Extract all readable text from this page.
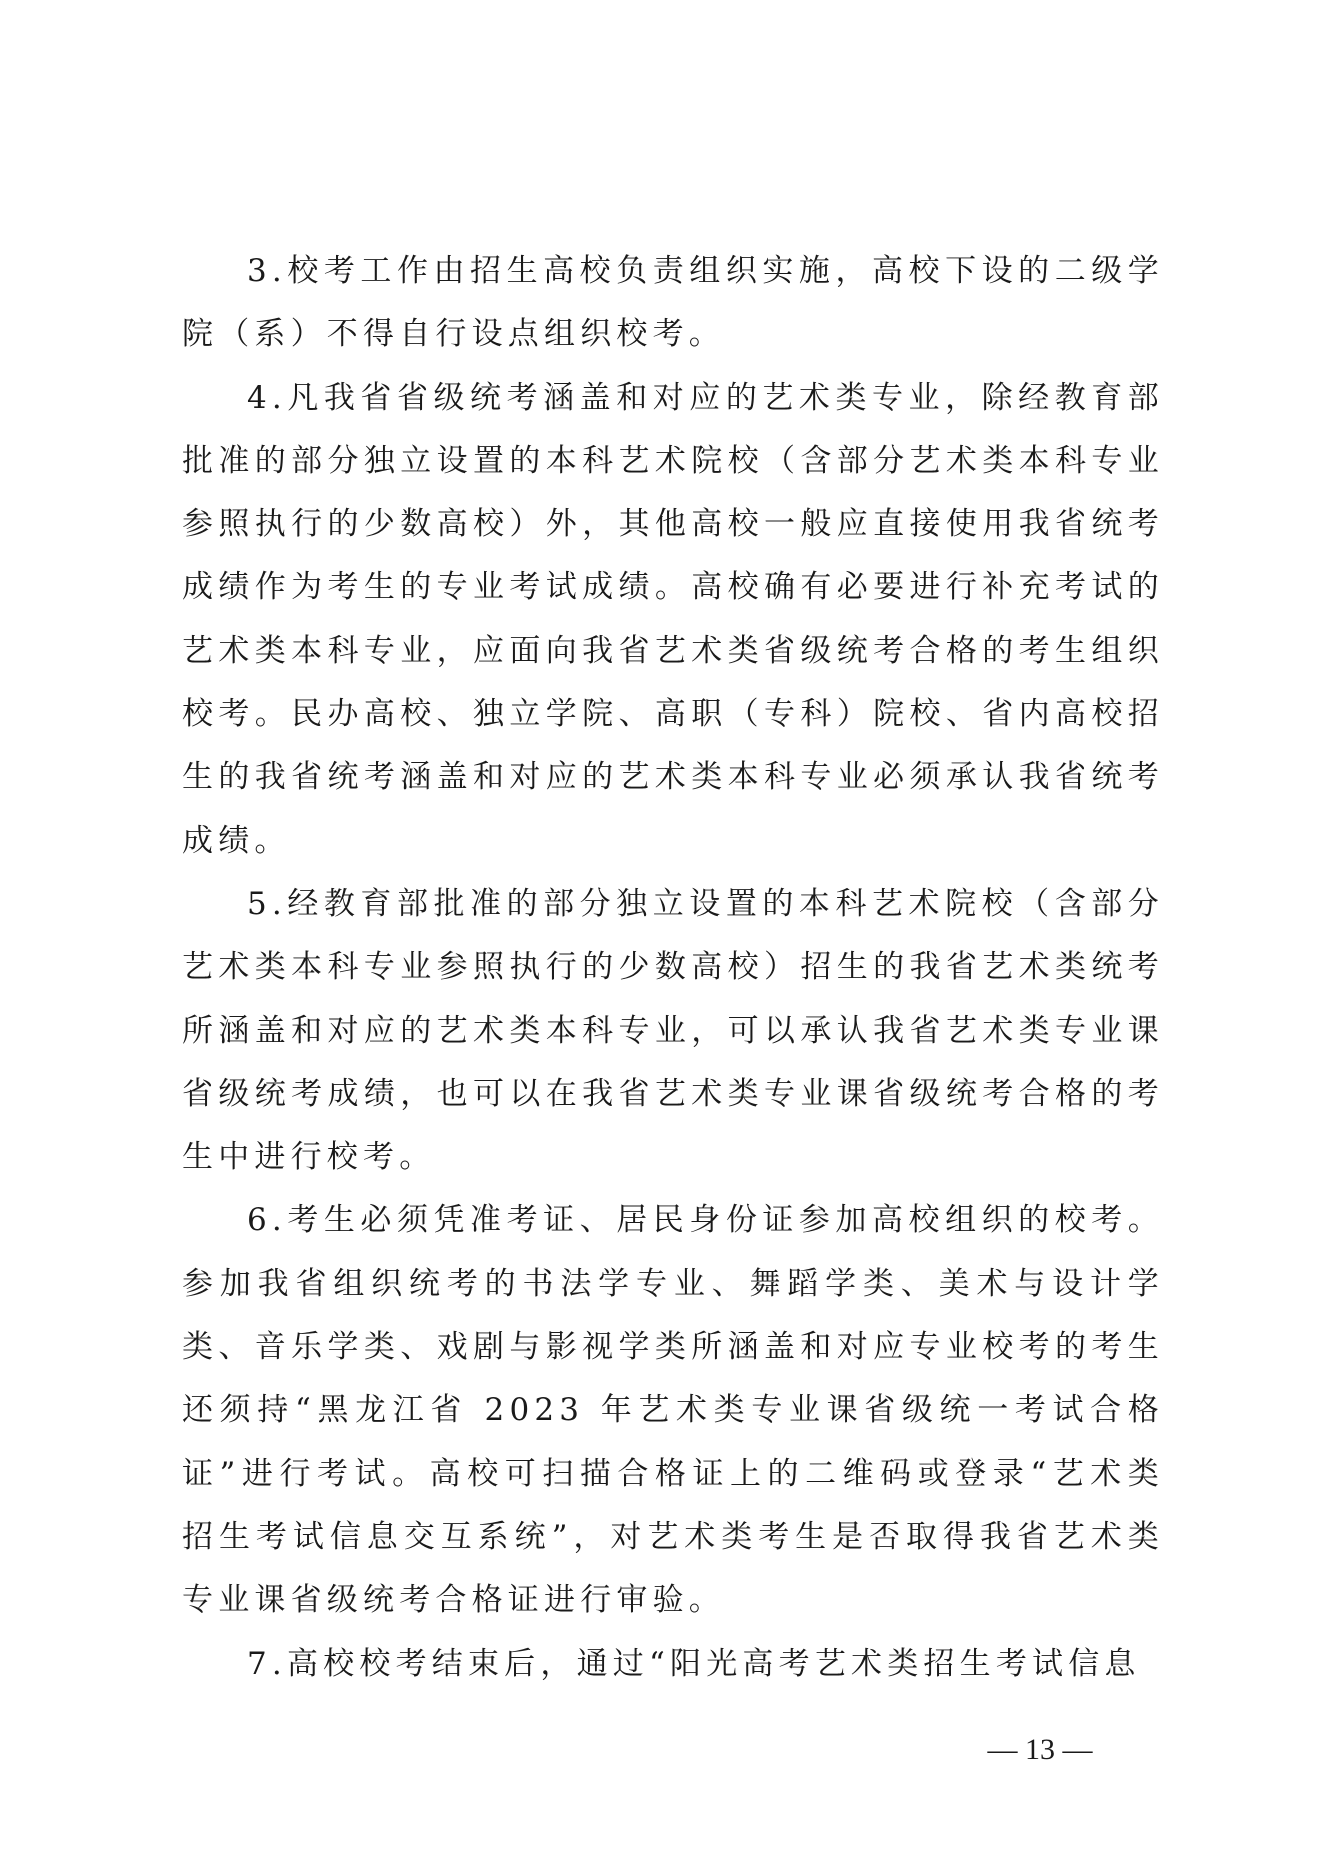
3.校考工作由招生高校负责组织实施，高校下设的二级学院（系）不得自行设点组织校考。

4.凡我省省级统考涵盖和对应的艺术类专业，除经教育部批准的部分独立设置的本科艺术院校（含部分艺术类本科专业参照执行的少数高校）外，其他高校一般应直接使用我省统考成绩作为考生的专业考试成绩。高校确有必要进行补充考试的艺术类本科专业，应面向我省艺术类省级统考合格的考生组织校考。民办高校、独立学院、高职（专科）院校、省内高校招生的我省统考涵盖和对应的艺术类本科专业必须承认我省统考成绩。

5.经教育部批准的部分独立设置的本科艺术院校（含部分艺术类本科专业参照执行的少数高校）招生的我省艺术类统考所涵盖和对应的艺术类本科专业，可以承认我省艺术类专业课省级统考成绩，也可以在我省艺术类专业课省级统考合格的考生中进行校考。

6.考生必须凭准考证、居民身份证参加高校组织的校考。参加我省组织统考的书法学专业、舞蹈学类、美术与设计学类、音乐学类、戏剧与影视学类所涵盖和对应专业校考的考生还须持“黑龙江省 2023 年艺术类专业课省级统一考试合格证”进行考试。高校可扫描合格证上的二维码或登录“艺术类招生考试信息交互系统”，对艺术类考生是否取得我省艺术类专业课省级统考合格证进行审验。

7.高校校考结束后，通过“阳光高考艺术类招生考试信息

— 13 —
